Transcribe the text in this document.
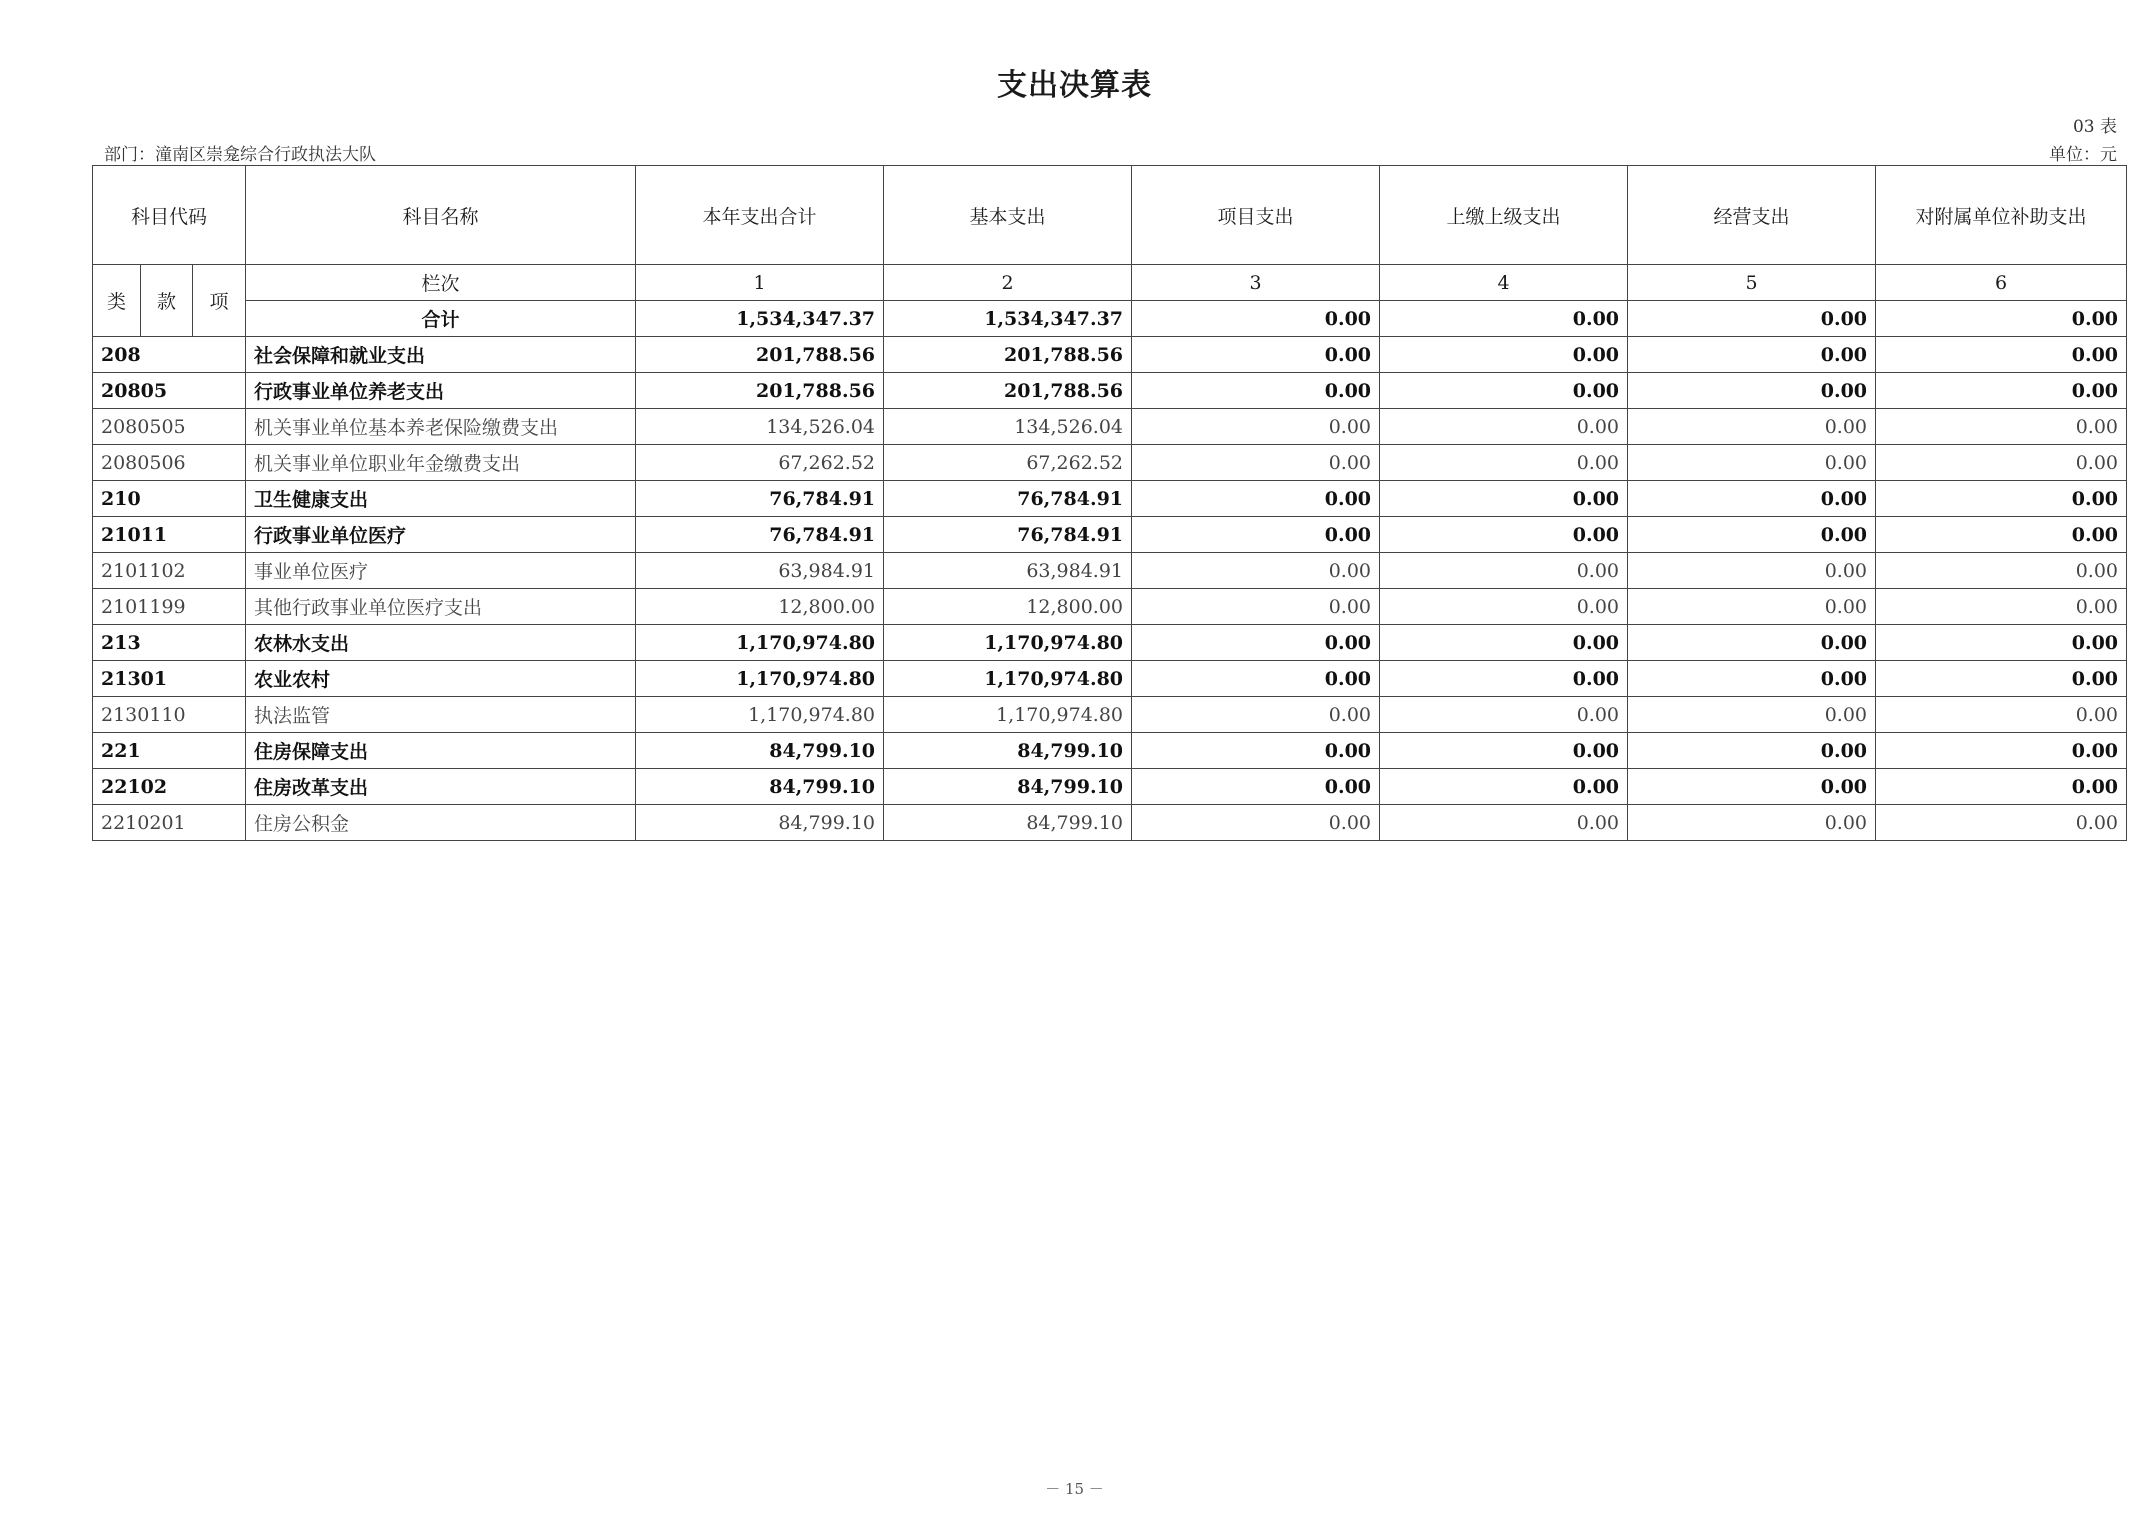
支出决算表
03 表
部门：潼南区崇龛综合行政执法大队	单位：元
科目代码			科目名称	本年支出合计	基本支出	项目支出	上缴上级支出	经营支出	对附属单位补助支出
类	款	项	栏次	1	2	3	4	5	6
			合计	1,534,347.37	1,534,347.37	0.00	0.00	0.00	0.00
208			社会保障和就业支出	201,788.56	201,788.56	0.00	0.00	0.00	0.00
20805			行政事业单位养老支出	201,788.56	201,788.56	0.00	0.00	0.00	0.00
2080505			机关事业单位基本养老保险缴费支出	134,526.04	134,526.04	0.00	0.00	0.00	0.00
2080506			机关事业单位职业年金缴费支出	67,262.52	67,262.52	0.00	0.00	0.00	0.00
210			卫生健康支出	76,784.91	76,784.91	0.00	0.00	0.00	0.00
21011			行政事业单位医疗	76,784.91	76,784.91	0.00	0.00	0.00	0.00
2101102			事业单位医疗	63,984.91	63,984.91	0.00	0.00	0.00	0.00
2101199			其他行政事业单位医疗支出	12,800.00	12,800.00	0.00	0.00	0.00	0.00
213			农林水支出	1,170,974.80	1,170,974.80	0.00	0.00	0.00	0.00
21301			农业农村	1,170,974.80	1,170,974.80	0.00	0.00	0.00	0.00
2130110			执法监管	1,170,974.80	1,170,974.80	0.00	0.00	0.00	0.00
221			住房保障支出	84,799.10	84,799.10	0.00	0.00	0.00	0.00
22102			住房改革支出	84,799.10	84,799.10	0.00	0.00	0.00	0.00
2210201			住房公积金	84,799.10	84,799.10	0.00	0.00	0.00	0.00
－ 15 －
